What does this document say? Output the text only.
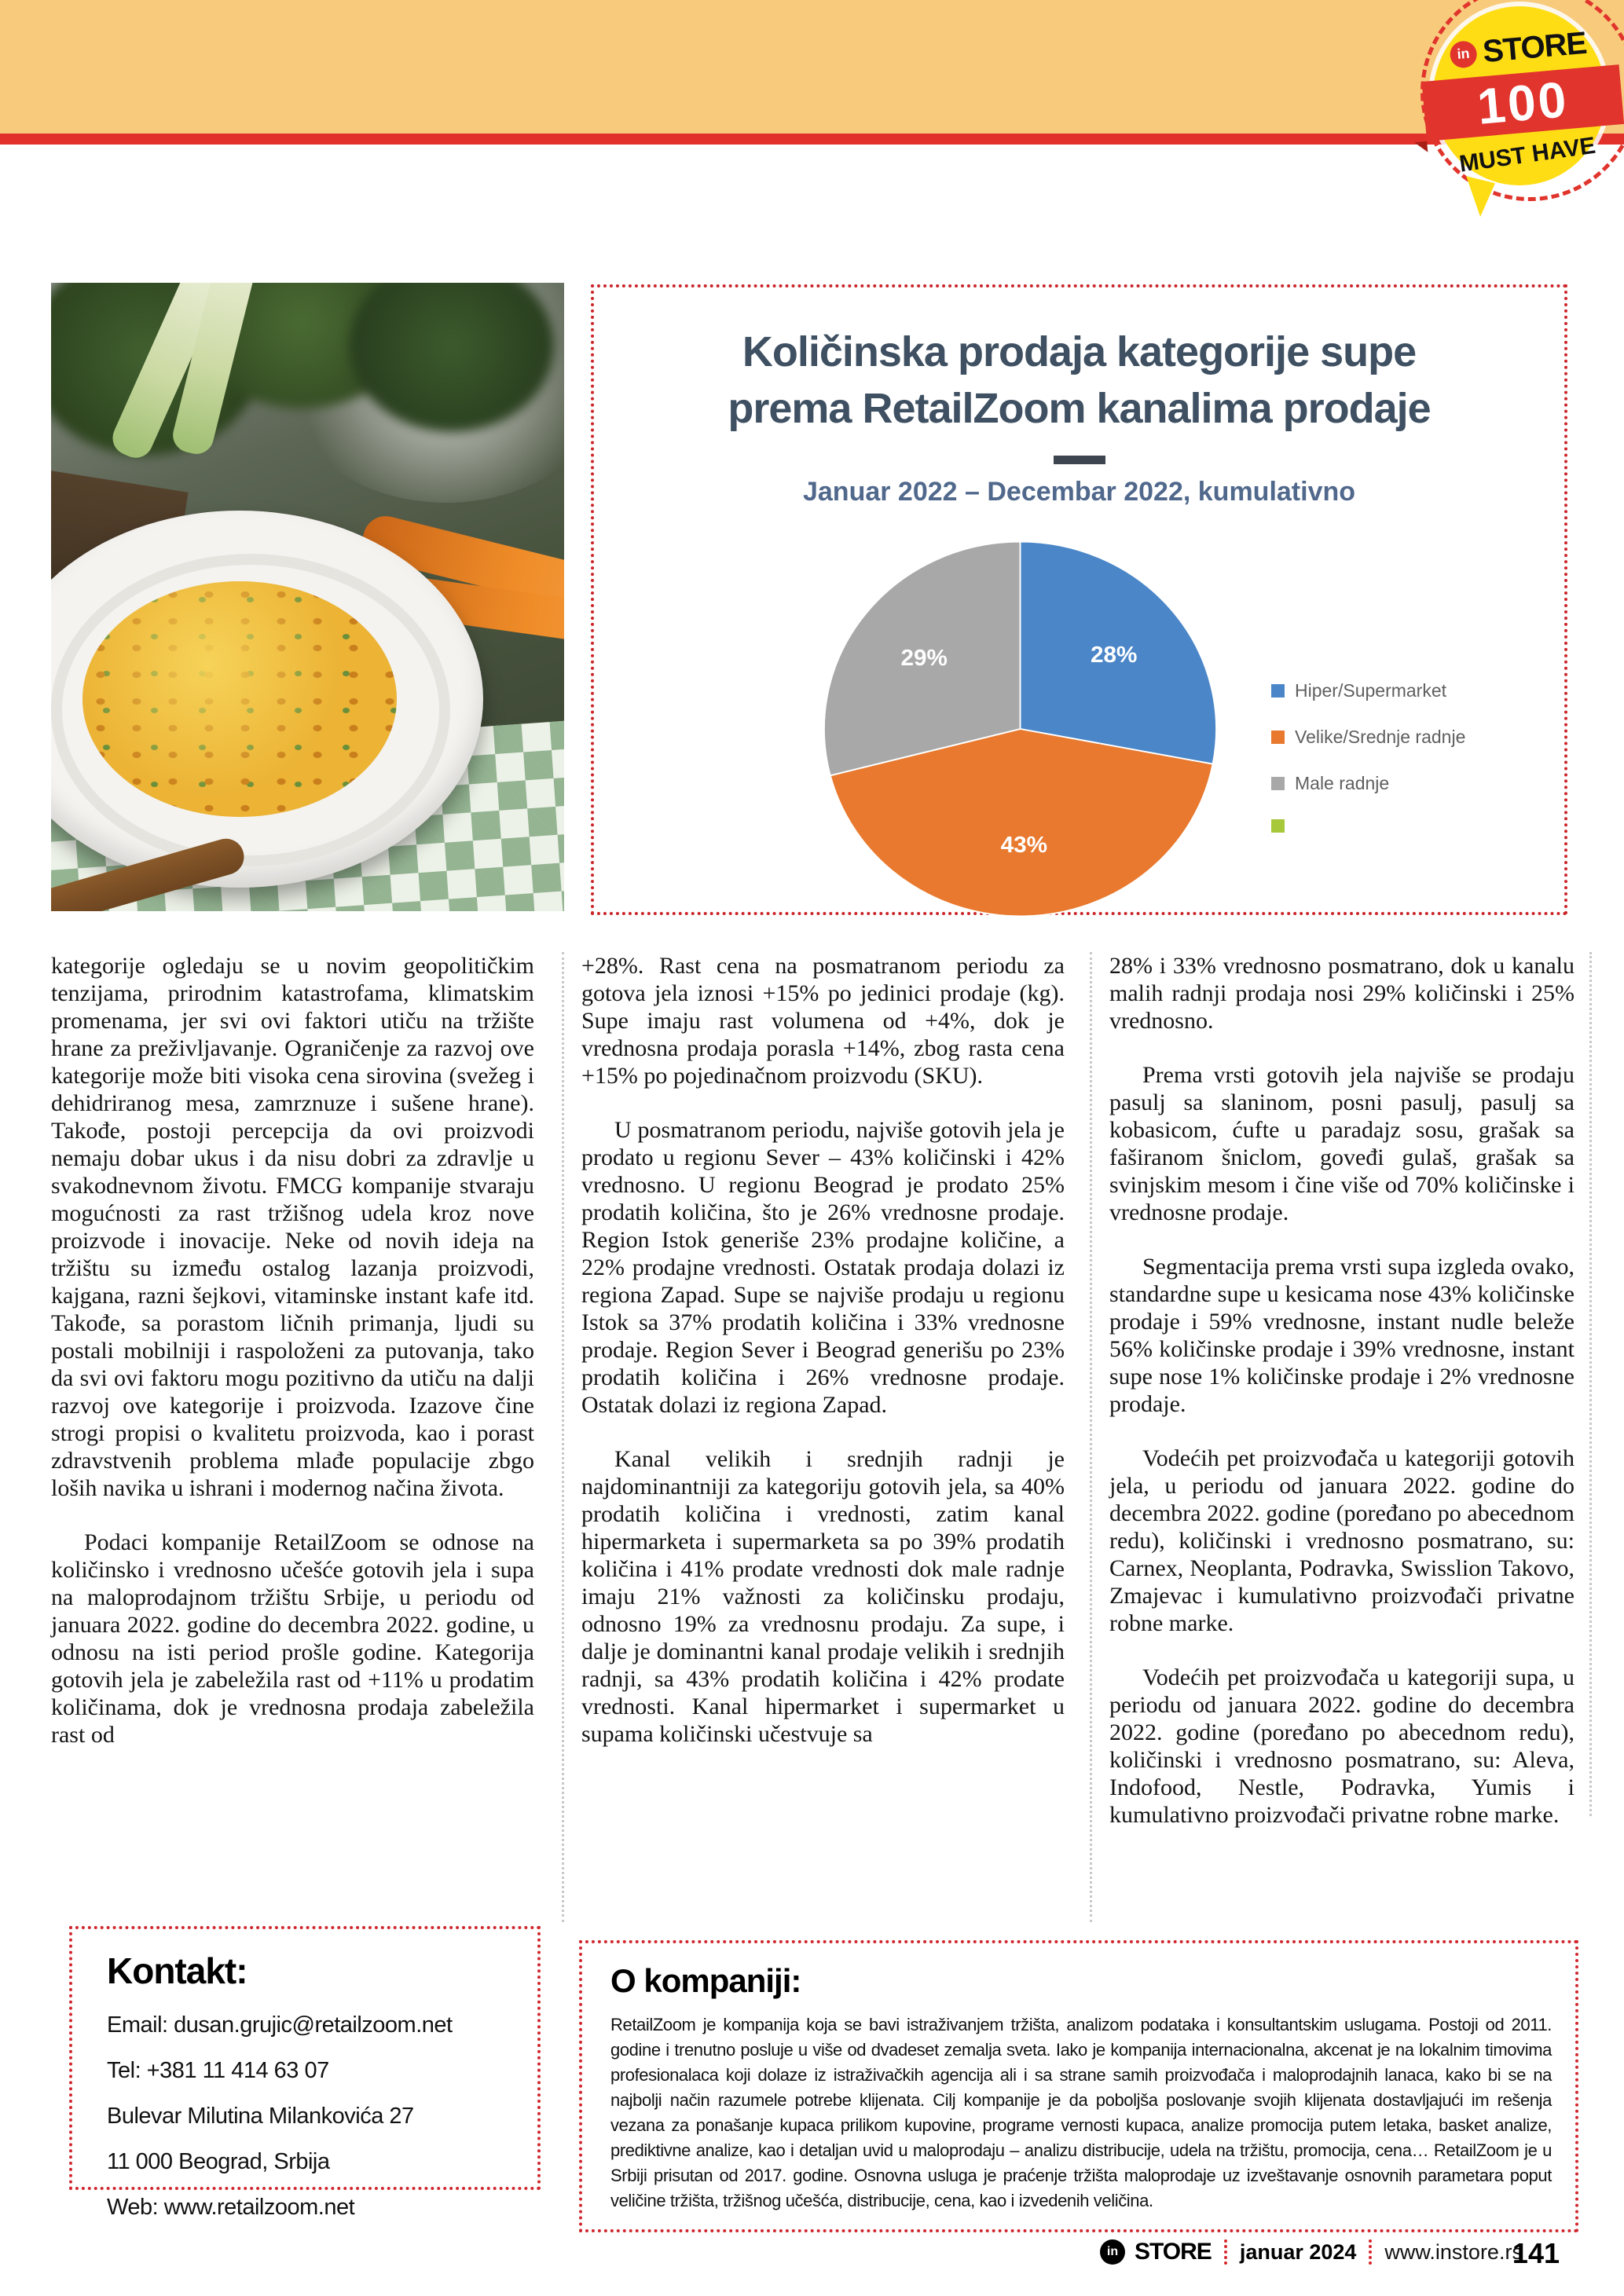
in STORE
100
MUST HAVE
Količinska prodaja kategorije supe
prema RetailZoom kanalima prodaje
Januar 2022 – Decembar 2022, kumulativno
28%
43%
29%
Hiper/Supermarket
Velike/Srednje radnje
Male radnje

kategorije ogledaju se u novim geopolitičkim tenzijama, prirodnim katastrofama, klimatskim promenama, jer svi ovi faktori utiču na tržište hrane za preživljavanje. Ograničenje za razvoj ove kategorije može biti visoka cena sirovina (svežeg i dehidriranog mesa, zamrznuze i sušene hrane). Takođe, postoji percepcija da ovi proizvodi nemaju dobar ukus i da nisu dobri za zdravlje u svakodnevnom životu. FMCG kompanije stvaraju mogućnosti za rast tržišnog udela kroz nove proizvode i inovacije. Neke od novih ideja na tržištu su između ostalog lazanja proizvodi, kajgana, razni šejkovi, vitaminske instant kafe itd. Takođe, sa porastom ličnih primanja, ljudi su postali mobilniji i raspoloženi za putovanja, tako da svi ovi faktoru mogu pozitivno da utiču na dalji razvoj ove kategorije i proizvoda. Izazove čine strogi propisi o kvalitetu proizvoda, kao i porast zdravstvenih problema mlađe populacije zbgo loših navika u ishrani i modernog načina života.

Podaci kompanije RetailZoom se odnose na količinsko i vrednosno učešće gotovih jela i supa na maloprodajnom tržištu Srbije, u periodu od januara 2022. godine do decembra 2022. godine, u odnosu na isti period prošle godine. Kategorija gotovih jela je zabeležila rast od +11% u prodatim količinama, dok je vrednosna prodaja zabeležila rast od

+28%. Rast cena na posmatranom periodu za gotova jela iznosi +15% po jedinici prodaje (kg). Supe imaju rast volumena od +4%, dok je vrednosna prodaja porasla +14%, zbog rasta cena +15% po pojedinačnom proizvodu (SKU).

U posmatranom periodu, najviše gotovih jela je prodato u regionu Sever – 43% količinski i 42% vrednosno. U regionu Beograd je prodato 25% prodatih količina, što je 26% vrednosne prodaje. Region Istok generiše 23% prodajne količine, a 22% prodajne vrednosti. Ostatak prodaja dolazi iz regiona Zapad. Supe se najviše prodaju u regionu Istok sa 37% prodatih količina i 33% vrednosne prodaje. Region Sever i Beograd generišu po 23% prodatih količina i 26% vrednosne prodaje. Ostatak dolazi iz regiona Zapad.

Kanal velikih i srednjih radnji je najdominantniji za kategoriju gotovih jela, sa 40% prodatih količina i vrednosti, zatim kanal hipermarketa i supermarketa sa po 39% prodatih količina i 41% prodate vrednosti dok male radnje imaju 21% važnosti za količinsku prodaju, odnosno 19% za vrednosnu prodaju. Za supe, i dalje je dominantni kanal prodaje velikih i srednjih radnji, sa 43% prodatih količina i 42% prodate vrednosti. Kanal hipermarket i supermarket u supama količinski učestvuje sa

28% i 33% vrednosno posmatrano, dok u kanalu malih radnji prodaja nosi 29% količinski i 25% vrednosno.

Prema vrsti gotovih jela najviše se prodaju pasulj sa slaninom, posni pasulj, pasulj sa kobasicom, ćufte u paradajz sosu, grašak sa faširanom šniclom, goveđi gulaš, grašak sa svinjskim mesom i čine više od 70% količinske i vrednosne prodaje.

Segmentacija prema vrsti supa izgleda ovako, standardne supe u kesicama nose 43% količinske prodaje i 59% vrednosne, instant nudle beleže 56% količinske prodaje i 39% vrednosne, instant supe nose 1% količinske prodaje i 2% vrednosne prodaje.

Vodećih pet proizvođača u kategoriji gotovih jela, u periodu od januara 2022. godine do decembra 2022. godine (poređano po abecednom redu), količinski i vrednosno posmatrano, su: Carnex, Neoplanta, Podravka, Swisslion Takovo, Zmajevac i kumulativno proizvođači privatne robne marke.

Vodećih pet proizvođača u kategoriji supa, u periodu od januara 2022. godine do decembra 2022. godine (poređano po abecednom redu), količinski i vrednosno posmatrano, su: Aleva, Indofood, Nestle, Podravka, Yumis i kumulativno proizvođači privatne robne marke.

Kontakt:
Email: dusan.grujic@retailzoom.net
Tel: +381 11 414 63 07
Bulevar Milutina Milankovića 27
11 000 Beograd, Srbija
Web: www.retailzoom.net
O kompaniji:

RetailZoom je kompanija koja se bavi istraživanjem tržišta, analizom podataka i konsultantskim uslugama. Postoji od 2011. godine i trenutno posluje u više od dvadeset zemalja sveta. Iako je kompanija internacionalna, akcenat je na lokalnim timovima profesionalaca koji dolaze iz istraživačkih agencija ali i sa strane samih proizvođača i maloprodajnih lanaca, kako bi se na najbolji način razumele potrebe klijenata. Cilj kompanije je da poboljša poslovanje svojih klijenata dostavljajući im rešenja vezana za ponašanje kupaca prilikom kupovine, programe vernosti kupaca, analize promocija putem letaka, basket analize, prediktivne analize, kao i detaljan uvid u maloprodaju – analizu distribucije, udela na tržištu, promocija, cena… RetailZoom je u Srbiji prisutan od 2017. godine. Osnovna usluga je praćenje tržišta maloprodaje uz izveštavanje osnovnih parametara poput veličine tržišta, tržišnog učešća, distribucije, cena, kao i izvedenih veličina.

in STORE januar 2024 www.instore.rs
141
